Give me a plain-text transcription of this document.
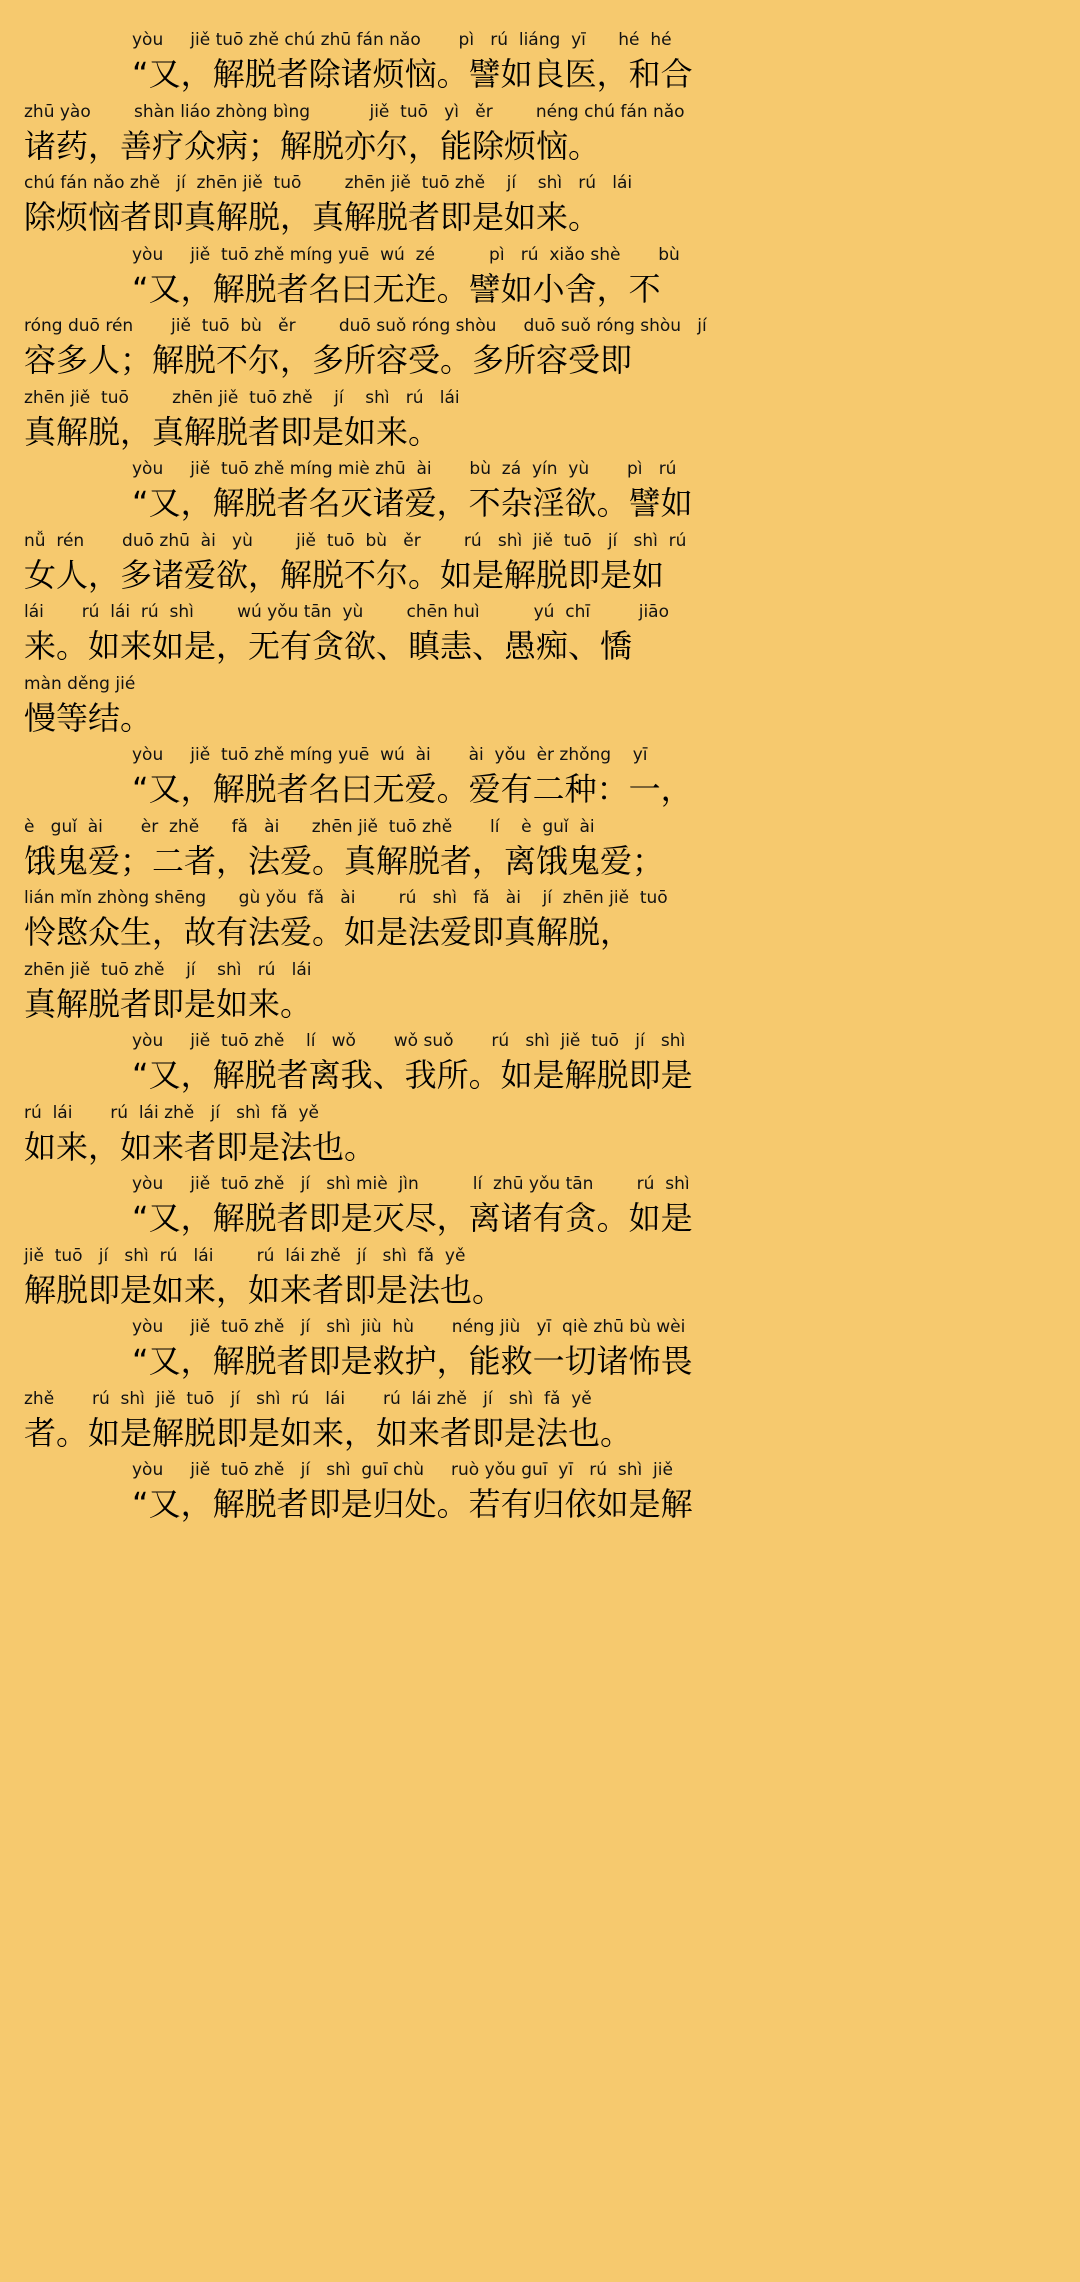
yòu     jiě tuō zhě chú zhū fán nǎo       pì   rú  liáng  yī      hé  hé
“又，解脱者除诸烦恼。譬如良医，和合
zhū yào        shàn liáo zhòng bìng           jiě  tuō   yì   ěr        néng chú fán nǎo
诸药，善疗众病；解脱亦尔，能除烦恼。
chú fán nǎo zhě   jí  zhēn jiě  tuō        zhēn jiě  tuō zhě    jí    shì   rú   lái
除烦恼者即真解脱，真解脱者即是如来。
yòu     jiě  tuō zhě míng yuē  wú  zé          pì   rú  xiǎo shè       bù
“又，解脱者名曰无迮。譬如小舍，不
róng duō rén       jiě  tuō  bù   ěr        duō suǒ róng shòu     duō suǒ róng shòu   jí
容多人；解脱不尔，多所容受。多所容受即
zhēn jiě  tuō        zhēn jiě  tuō zhě    jí    shì   rú   lái
真解脱，真解脱者即是如来。
yòu     jiě  tuō zhě míng miè zhū  ài       bù  zá  yín  yù       pì   rú
“又，解脱者名灭诸爱，不杂淫欲。譬如
nǚ  rén       duō zhū  ài   yù        jiě  tuō  bù   ěr        rú   shì  jiě  tuō   jí   shì  rú
女人，多诸爱欲，解脱不尔。如是解脱即是如
lái       rú  lái  rú  shì        wú yǒu tān  yù        chēn huì          yú  chī         jiāo
来。如来如是，无有贪欲、瞋恚、愚痴、憍
màn děng jié
慢等结。
yòu     jiě  tuō zhě míng yuē  wú  ài       ài  yǒu  èr zhǒng    yī
“又，解脱者名曰无爱。爱有二种：一，
è   guǐ  ài       èr  zhě      fǎ   ài      zhēn jiě  tuō zhě       lí    è  guǐ  ài
饿鬼爱；二者，法爱。真解脱者，离饿鬼爱；
lián mǐn zhòng shēng      gù yǒu  fǎ   ài        rú   shì   fǎ   ài    jí  zhēn jiě  tuō
怜愍众生，故有法爱。如是法爱即真解脱，
zhēn jiě  tuō zhě    jí    shì   rú   lái
真解脱者即是如来。
yòu     jiě  tuō zhě    lí   wǒ       wǒ suǒ       rú   shì  jiě  tuō   jí   shì
“又，解脱者离我、我所。如是解脱即是
rú  lái       rú  lái zhě   jí   shì  fǎ  yě
如来，如来者即是法也。
yòu     jiě  tuō zhě   jí   shì miè  jìn          lí  zhū yǒu tān        rú  shì
“又，解脱者即是灭尽，离诸有贪。如是
jiě  tuō   jí   shì  rú   lái        rú  lái zhě   jí   shì  fǎ  yě
解脱即是如来，如来者即是法也。
yòu     jiě  tuō zhě   jí   shì  jiù  hù       néng jiù   yī  qiè zhū bù wèi
“又，解脱者即是救护，能救一切诸怖畏
zhě       rú  shì  jiě  tuō   jí   shì  rú   lái       rú  lái zhě   jí   shì  fǎ  yě
者。如是解脱即是如来，如来者即是法也。
yòu     jiě  tuō zhě   jí   shì  guī chù     ruò yǒu guī  yī   rú  shì  jiě
“又，解脱者即是归处。若有归依如是解
